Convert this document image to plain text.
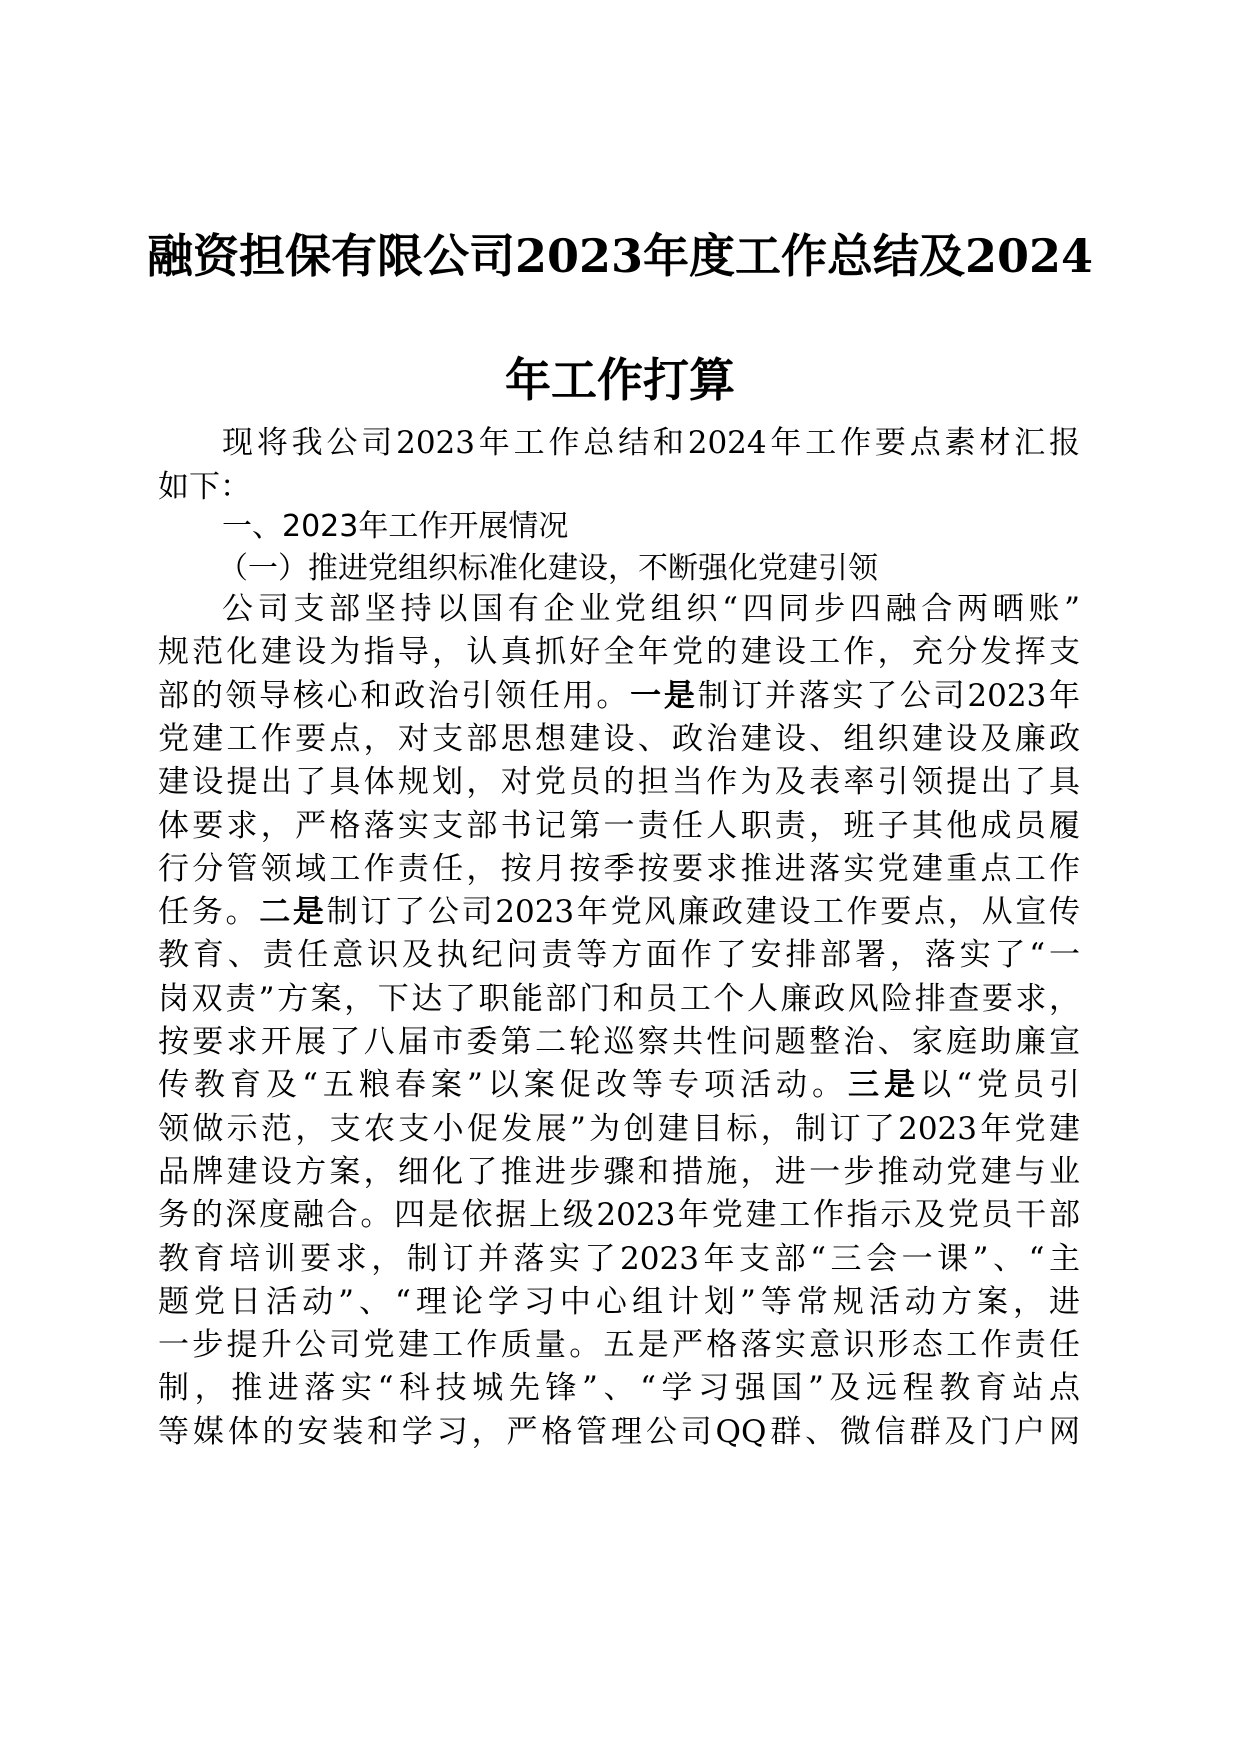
融资担保有限公司2023年度工作总结及2024
年工作打算
现将我公司2023年工作总结和2024年工作要点素材汇报
如下：
一、2023年工作开展情况
（一）推进党组织标准化建设，不断强化党建引领
公司支部坚持以国有企业党组织“四同步四融合两晒账”
规范化建设为指导，认真抓好全年党的建设工作，充分发挥支
部的领导核心和政治引领任用。一是制订并落实了公司2023年
党建工作要点，对支部思想建设、政治建设、组织建设及廉政
建设提出了具体规划，对党员的担当作为及表率引领提出了具
体要求，严格落实支部书记第一责任人职责，班子其他成员履
行分管领域工作责任，按月按季按要求推进落实党建重点工作
任务。二是制订了公司2023年党风廉政建设工作要点，从宣传
教育、责任意识及执纪问责等方面作了安排部署，落实了“一
岗双责”方案，下达了职能部门和员工个人廉政风险排查要求，
按要求开展了八届市委第二轮巡察共性问题整治、家庭助廉宣
传教育及“五粮春案”以案促改等专项活动。三是以“党员引
领做示范，支农支小促发展”为创建目标，制订了2023年党建
品牌建设方案，细化了推进步骤和措施，进一步推动党建与业
务的深度融合。四是依据上级2023年党建工作指示及党员干部
教育培训要求，制订并落实了2023年支部“三会一课”、“主
题党日活动”、“理论学习中心组计划”等常规活动方案，进
一步提升公司党建工作质量。五是严格落实意识形态工作责任
制，推进落实“科技城先锋”、“学习强国”及远程教育站点
等媒体的安装和学习，严格管理公司QQ群、微信群及门户网
